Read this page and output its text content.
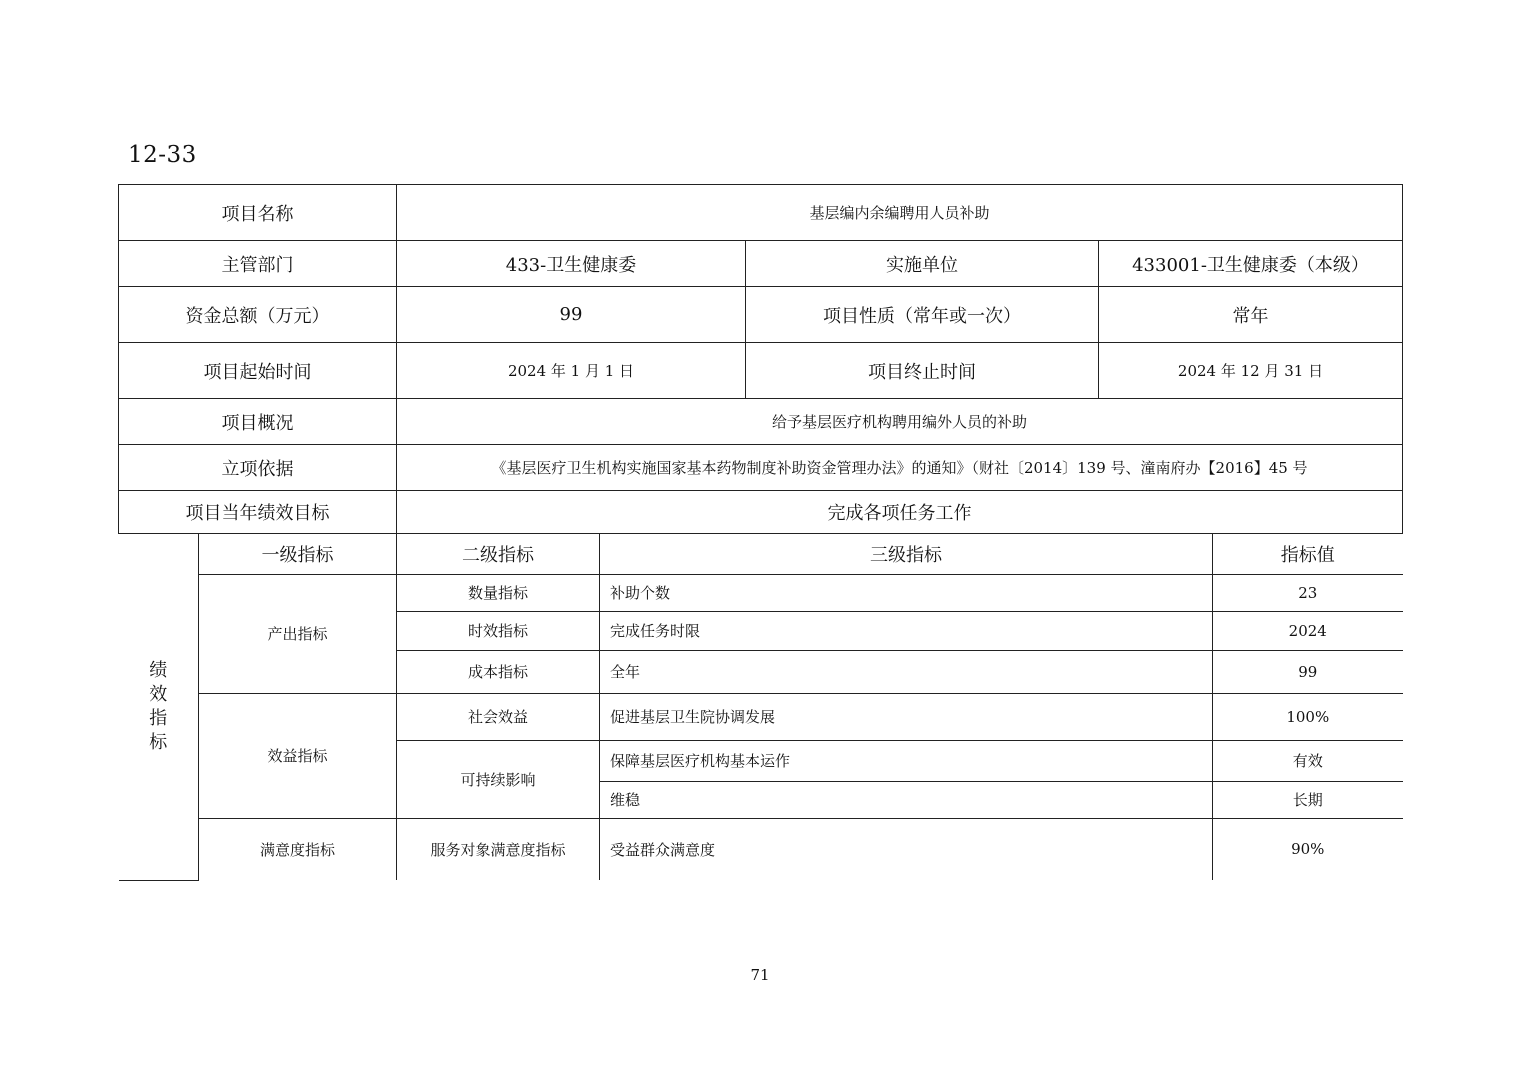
12-33
项目名称	基层编内余编聘用人员补助
主管部门	433-卫生健康委	实施单位	433001-卫生健康委（本级）
资金总额（万元）	99	项目性质（常年或一次）	常年
项目起始时间	2024 年 1 月 1 日	项目终止时间	2024 年 12 月 31 日
项目概况	给予基层医疗机构聘用编外人员的补助
立项依据	《基层医疗卫生机构实施国家基本药物制度补助资金管理办法》的通知》（财社〔2014〕139 号、潼南府办【2016】45 号
项目当年绩效目标	完成各项任务工作

绩
效
指
标
	一级指标	二级指标	三级指标	指标值
产出指标	数量指标	补助个数	23
时效指标	完成任务时限	2024
成本指标	全年	99
效益指标	社会效益	促进基层卫生院协调发展	100%
可持续影响	保障基层医疗机构基本运作	有效
维稳	长期
满意度指标	服务对象满意度指标	受益群众满意度	90%
71
